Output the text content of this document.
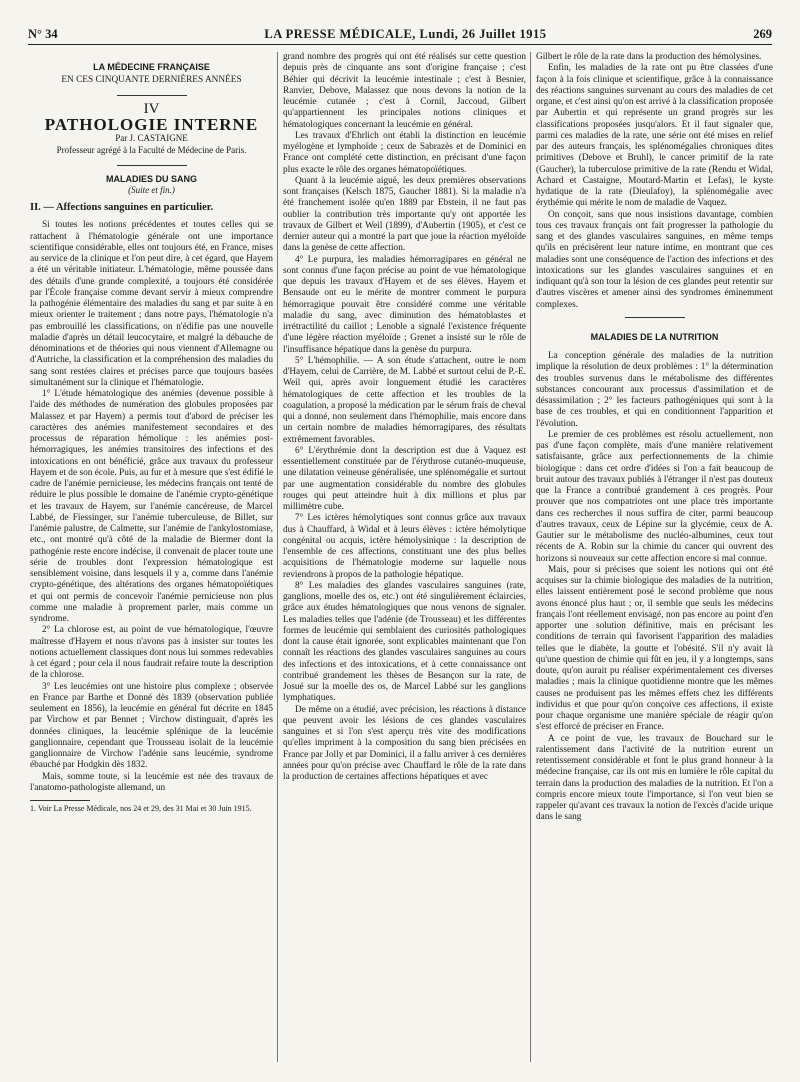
N° 34	LA PRESSE MÉDICALE, Lundi, 26 Juillet 1915	269
LA MÉDECINE FRANÇAISE
EN CES CINQUANTE DERNIÈRES ANNÉES
IV
PATHOLOGIE INTERNE
Par J. CASTAIGNE
Professeur agrégé à la Faculté de Médecine de Paris.
MALADIES DU SANG
(Suite et fin.)
II. — Affections sanguines en particulier.

Si toutes les notions précédentes et toutes celles qui se rattachent à l'hématologie générale ont une importance scientifique considérable, elles ont toujours été, en France, mises au service de la clinique et l'on peut dire, à cet égard, que Hayem a été un véritable initiateur. L'hématologie, même poussée dans des détails d'une grande complexité, a toujours été considérée par l'École française comme devant servir à mieux comprendre la pathogénie élémentaire des maladies du sang et par suite à en mieux orienter le traitement ; dans notre pays, l'hématologie n'a pas embrouillé les classifications, on n'édifie pas une nouvelle maladie d'après un détail leucocytaire, et malgré la débauche de dénominations et de théories qui nous viennent d'Allemagne ou d'Autriche, la classification et la compréhension des maladies du sang sont restées claires et précises parce que toujours basées simultanément sur la clinique et l'hématologie.

1° L'étude hématologique des anémies (devenue possible à l'aide des méthodes de numération des globules proposées par Malassez et par Hayem) a permis tout d'abord de préciser les caractères des anémies manifestement secondaires et des processus de réparation hémolique : les anémies post-hémorragiques, les anémies transitoires des infections et des intoxications en ont bénéficié, grâce aux travaux du professeur Hayem et de son école. Puis, au fur et à mesure que s'est édifié le cadre de l'anémie pernicieuse, les médecins français ont tenté de réduire le plus possible le domaine de l'anémie crypto-génétique et les travaux de Hayem, sur l'anémie cancéreuse, de Marcel Labbé, de Fiessinger, sur l'anémie tuberculeuse, de Billet, sur l'anémie palustre, de Calmette, sur l'anémie de l'ankylostomiase, etc., ont montré qu'à côté de la maladie de Biermer dont la pathogénie reste encore indécise, il convenait de placer toute une série de troubles dont l'expression hématologique est sensiblement voisine, dans lesquels il y a, comme dans l'anémie crypto-génétique, des altérations des organes hématopoïétiques et qui ont permis de concevoir l'anémie pernicieuse non plus comme une maladie à proprement parler, mais comme un syndrome.

2° La chlorose est, au point de vue hématologique, l'œuvre maîtresse d'Hayem et nous n'avons pas à insister sur toutes les notions actuellement classiques dont nous lui sommes redevables à cet égard ; pour cela il nous faudrait refaire toute la description de la chlorose.

3° Les leucémies ont une histoire plus complexe ; observée en France par Barthe et Donné dès 1839 (observation publiée seulement en 1856), la leucémie en général fut décrite en 1845 par Virchow et par Bennet ; Virchow distinguait, d'après les données cliniques, la leucémie splénique de la leucémie ganglionnaire, cependant que Trousseau isolait de la leucémie ganglionnaire de Virchow l'adénie sans leucémie, syndrome ébauché par Hodgkin dès 1832.

Mais, somme toute, si la leucémie est née des travaux de l'anatomo-pathologiste allemand, un

1. Voir La Presse Médicale, nos 24 et 29, des 31 Mai et 30 Juin 1915.

grand nombre des progrès qui ont été réalisés sur cette question depuis près de cinquante ans sont d'origine française ; c'est Béhier qui décrivit la leucémie intestinale ; c'est à Besnier, Ranvier, Debove, Malassez que nous devons la notion de la leucémie cutanée ; c'est à Cornil, Jaccoud, Gilbert qu'appartiennent les principales notions cliniques et hématologiques concernant la leucémie en général.

Les travaux d'Ehrlich ont établi la distinction en leucémie myélogène et lymphoïde ; ceux de Sabrazès et de Dominici en France ont complété cette distinction, en précisant d'une façon plus exacte le rôle des organes hématopoïétiques.

Quant à la leucémie aiguë, les deux premières observations sont françaises (Kelsch 1875, Gaucher 1881). Si la maladie n'a été franchement isolée qu'en 1889 par Ebstein, il ne faut pas oublier la contribution très importante qu'y ont apportée les travaux de Gilbert et Weil (1899), d'Aubertin (1905), et c'est ce dernier auteur qui a montré la part que joue la réaction myéloïde dans la genèse de cette affection.

4° Le purpura, les maladies hémorragipares en général ne sont connus d'une façon précise au point de vue hématologique que depuis les travaux d'Hayem et de ses élèves. Hayem et Bensaude ont eu le mérite de montrer comment le purpura hémorragique pouvait être considéré comme une véritable maladie du sang, avec diminution des hématoblastes et irrétractilité du caillot ; Lenoble a signalé l'existence fréquente d'une légère réaction myéloïde ; Grenet a insisté sur le rôle de l'insuffisance hépatique dans la genèse du purpura.

5° L'hémophilie. — A son étude s'attachent, outre le nom d'Hayem, celui de Carrière, de M. Labbé et surtout celui de P.-E. Weil qui, après avoir longuement étudié les caractères hématologiques de cette affection et les troubles de la coagulation, a proposé la médication par le sérum frais de cheval qui a donné, non seulement dans l'hémophilie, mais encore dans un certain nombre de maladies hémorragipares, des résultats extrêmement favorables.

6° L'érythrémie dont la description est due à Vaquez est essentiellement constituée par de l'érythrose cutanéo-muqueuse, une dilatation veineuse généralisée, une splénomégalie et surtout par une augmentation considérable du nombre des globules rouges qui peut atteindre huit à dix millions et plus par millimètre cube.

7° Les ictères hémolytiques sont connus grâce aux travaux dus à Chauffard, à Widal et à leurs élèves : ictère hémolytique congénital ou acquis, ictère hémolysinique : la description de l'ensemble de ces affections, constituant une des plus belles acquisitions de l'hématologie moderne sur laquelle nous reviendrons à propos de la pathologie hépatique.

8° Les maladies des glandes vasculaires sanguines (rate, ganglions, moelle des os, etc.) ont été singulièrement éclaircies, grâce aux études hématologiques que nous venons de signaler. Les maladies telles que l'adénie (de Trousseau) et les différentes formes de leucémie qui semblaient des curiosités pathologiques dont la cause était ignorée, sont explicables maintenant que l'on connaît les réactions des glandes vasculaires sanguines au cours des infections et des intoxications, et à cette connaissance ont contribué grandement les thèses de Besançon sur la rate, de Josué sur la moelle des os, de Marcel Labbé sur les ganglions lymphatiques.

De même on a étudié, avec précision, les réactions à distance que peuvent avoir les lésions de ces glandes vasculaires sanguines et si l'on s'est aperçu très vite des modifications qu'elles impriment à la composition du sang bien précisées en France par Jolly et par Dominici, il a fallu arriver à ces dernières années pour qu'on précise avec Chauffard le rôle de la rate dans la production de certaines affections hépatiques et avec

Gilbert le rôle de la rate dans la production des hémolysines.

Enfin, les maladies de la rate ont pu être classées d'une façon à la fois clinique et scientifique, grâce à la connaissance des réactions sanguines survenant au cours des maladies de cet organe, et c'est ainsi qu'on est arrivé à la classification proposée par Aubertin et qui représente un grand progrès sur les classifications proposées jusqu'alors. Et il faut signaler que, parmi ces maladies de la rate, une série ont été mises en relief par des auteurs français, les splénomégalies chroniques dites primitives (Debove et Bruhl), le cancer primitif de la rate (Gaucher), la tuberculose primitive de la rate (Rendu et Widal, Achard et Castaigne, Moutard-Martin et Lefas), le kyste hydatique de la rate (Dieulafoy), la splénomégalie avec érythémie qui mérite le nom de maladie de Vaquez.

On conçoit, sans que nous insistions davantage, combien tous ces travaux français ont fait progresser la pathologie du sang et des glandes vasculaires sanguines, en même temps qu'ils en précisèrent leur nature intime, en montrant que ces maladies sont une conséquence de l'action des infections et des intoxications sur les glandes vasculaires sanguines et en indiquant qu'à son tour la lésion de ces glandes peut retentir sur d'autres viscères et amener ainsi des syndromes éminemment complexes.

MALADIES DE LA NUTRITION

La conception générale des maladies de la nutrition implique la résolution de deux problèmes : 1° la détermination des troubles survenus dans le métabolisme des différentes substances concourant aux processus d'assimilation et de désassimilation ; 2° les facteurs pathogéniques qui sont à la base de ces troubles, et qui en conditionnent l'apparition et l'évolution.

Le premier de ces problèmes est résolu actuellement, non pas d'une façon complète, mais d'une manière relativement satisfaisante, grâce aux perfectionnements de la chimie biologique : dans cet ordre d'idées si l'on a fait beaucoup de bruit autour des travaux publiés à l'étranger il n'est pas douteux que la France a contribué grandement à ces progrès. Pour prouver que nos compatriotes ont une place très importante dans ces recherches il nous suffira de citer, parmi beaucoup d'autres travaux, ceux de Lépine sur la glycémie, ceux de A. Gautier sur le métabolisme des nucléo-albumines, ceux tout récents de A. Robin sur la chimie du cancer qui ouvrent des horizons si nouveaux sur cette affection encore si mal connue.

Mais, pour si précises que soient les notions qui ont été acquises sur la chimie biologique des maladies de la nutrition, elles laissent entièrement posé le second problème que nous avons énoncé plus haut ; or, il semble que seuls les médecins français l'ont réellement envisagé, non pas encore au point d'en apporter une solution définitive, mais en précisant les conditions de terrain qui favorisent l'apparition des maladies telles que le diabète, la goutte et l'obésité. S'il n'y avait là qu'une question de chimie qui fût en jeu, il y a longtemps, sans doute, qu'on aurait pu réaliser expérimentalement ces diverses maladies ; mais la clinique quotidienne montre que les mêmes causes ne produisent pas les mêmes effets chez les différents individus et que pour qu'on conçoive ces affections, il existe pour chaque organisme une manière spéciale de réagir qu'on s'est efforcé de préciser en France.

A ce point de vue, les travaux de Bouchard sur le ralentissement dans l'activité de la nutrition eurent un retentissement considérable et font le plus grand honneur à la médecine française, car ils ont mis en lumière le rôle capital du terrain dans la production des maladies de la nutrition. Et l'on a compris encore mieux toute l'importance, si l'on veut bien se rappeler qu'avant ces travaux la notion de l'excès d'acide urique dans le sang
